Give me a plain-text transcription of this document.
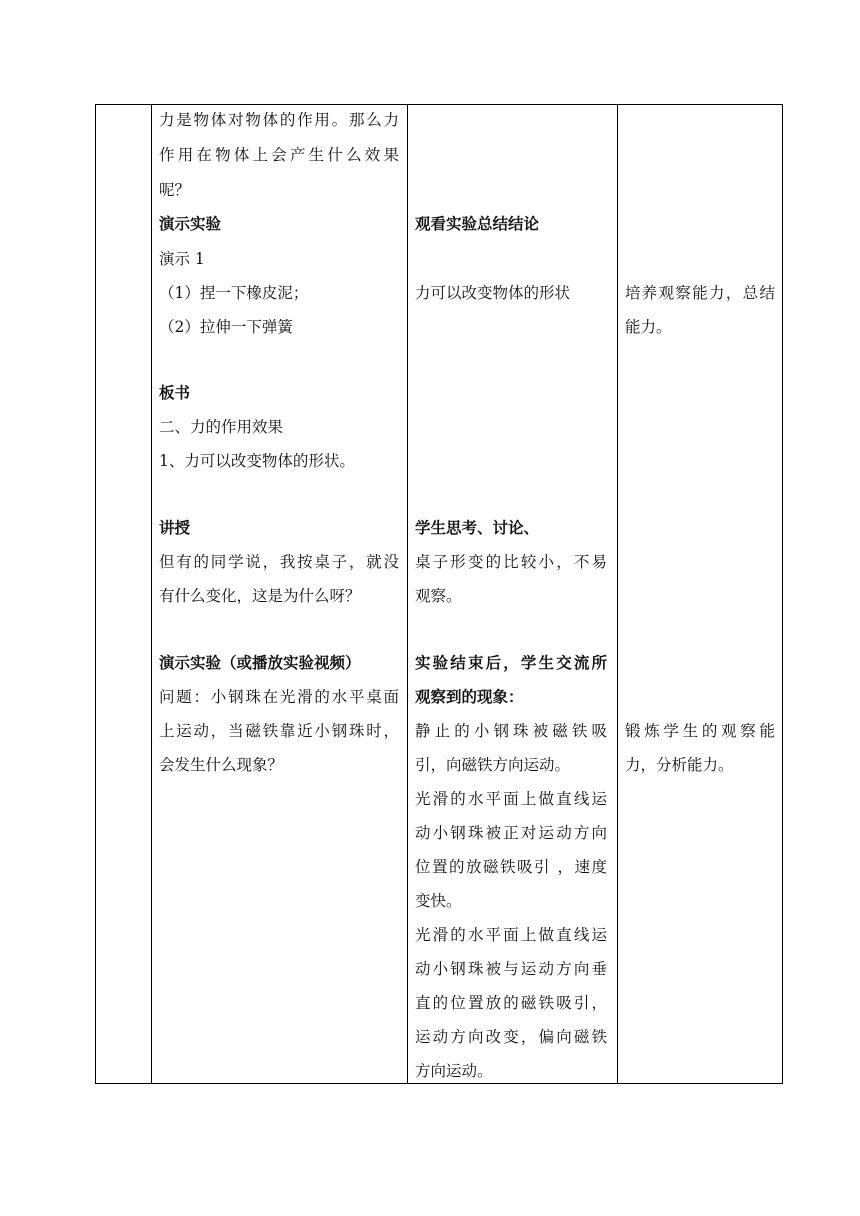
力是物体对物体的作用。那么力
作用在物体上会产生什么效果
呢？
演示实验
演示 1
（1）捏一下橡皮泥；
（2）拉伸一下弹簧
板书
二、力的作用效果
1、力可以改变物体的形状。
讲授
但有的同学说，我按桌子，就没
有什么变化，这是为什么呀？
演示实验（或播放实验视频）
问题：小钢珠在光滑的水平桌面
上运动，当磁铁靠近小钢珠时，
会发生什么现象？
观看实验总结结论
力可以改变物体的形状
学生思考、讨论、
桌子形变的比较小，不易
观察。
实验结束后，学生交流所
观察到的现象：
静止的小钢珠被磁铁吸
引，向磁铁方向运动。
光滑的水平面上做直线运
动小钢珠被正对运动方向
位置的放磁铁吸引 ，速度
变快。
光滑的水平面上做直线运
动小钢珠被与运动方向垂
直的位置放的磁铁吸引，
运动方向改变，偏向磁铁
方向运动。
培养观察能力，总结
能力。
锻炼学生的观察能
力，分析能力。
